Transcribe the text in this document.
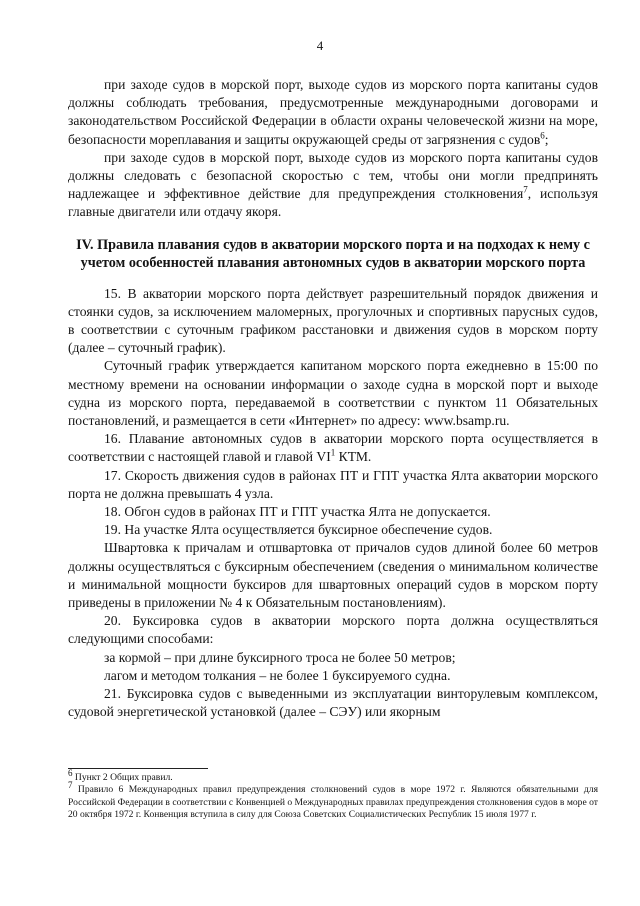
4

при заходе судов в морской порт, выходе судов из морского порта капитаны судов должны соблюдать требования, предусмотренные международными договорами и законодательством Российской Федерации в области охраны человеческой жизни на море, безопасности мореплавания и защиты окружающей среды от загрязнения с судов$^6$;

при заходе судов в морской порт, выходе судов из морского порта капитаны судов должны следовать с безопасной скоростью с тем, чтобы они могли предпринять надлежащее и эффективное действие для предупреждения столкновения$^7$, используя главные двигатели или отдачу якоря.

IV. Правила плавания судов в акватории морского порта и на подходах к нему с учетом особенностей плавания автономных судов в акватории морского порта

15. В акватории морского порта действует разрешительный порядок движения и стоянки судов, за исключением маломерных, прогулочных и спортивных парусных судов, в соответствии с суточным графиком расстановки и движения судов в морском порту (далее – суточный график).

Суточный график утверждается капитаном морского порта ежедневно в 15:00 по местному времени на основании информации о заходе судна в морской порт и выходе судна из морского порта, передаваемой в соответствии с пунктом 11 Обязательных постановлений, и размещается в сети «Интернет» по адресу: www.bsamp.ru.

16. Плавание автономных судов в акватории морского порта осуществляется в соответствии с настоящей главой и главой $VI^1$ КТМ.

17. Скорость движения судов в районах ПТ и ГПТ участка Ялта акватории морского порта не должна превышать 4 узла.

18. Обгон судов в районах ПТ и ГПТ участка Ялта не допускается.

19. На участке Ялта осуществляется буксирное обеспечение судов.

Швартовка к причалам и отшвартовка от причалов судов длиной более 60 метров должны осуществляться с буксирным обеспечением (сведения о минимальном количестве и минимальной мощности буксиров для швартовных операций судов в морском порту приведены в приложении № 4 к Обязательным постановлениям).

20. Буксировка судов в акватории морского порта должна осуществляться следующими способами:

за кормой – при длине буксирного троса не более 50 метров;

лагом и методом толкания – не более 1 буксируемого судна.

21. Буксировка судов с выведенными из эксплуатации винторулевым комплексом, судовой энергетической установкой (далее – СЭУ) или якорным

$^6$ Пункт 2 Общих правил.

$^7$ Правило 6 Международных правил предупреждения столкновений судов в море 1972 г. Являются обязательными для Российской Федерации в соответствии с Конвенцией о Международных правилах предупреждения столкновения судов в море от 20 октября 1972 г. Конвенция вступила в силу для Союза Советских Социалистических Республик 15 июля 1977 г.
